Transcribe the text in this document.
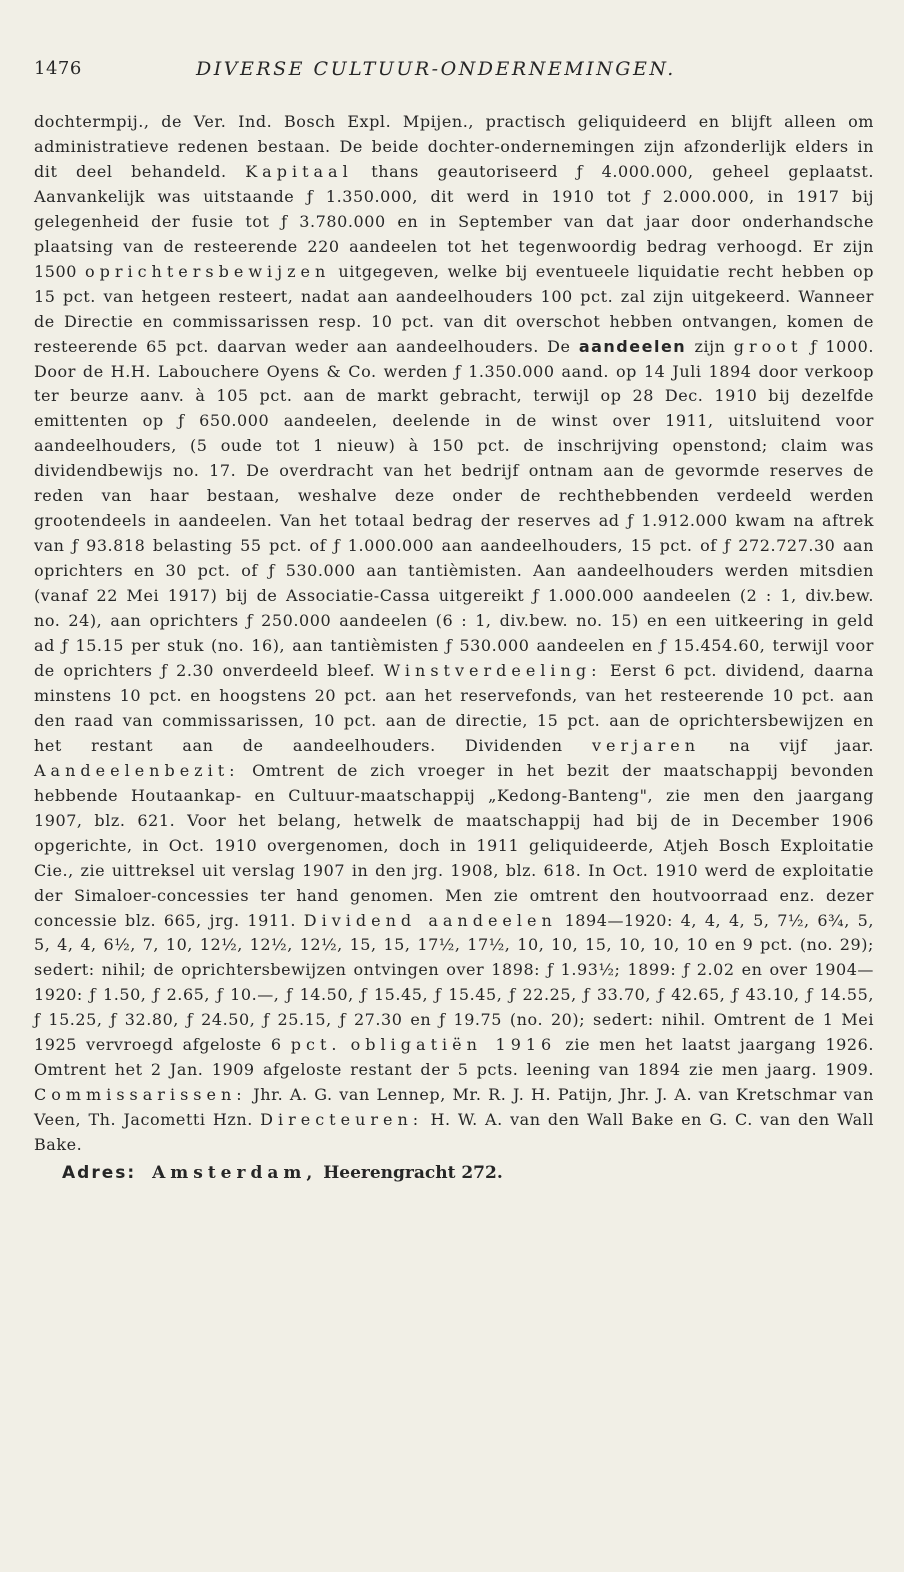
1476	DIVERSE CULTUUR-ONDERNEMINGEN.

dochtermpij., de Ver. Ind. Bosch Expl. Mpijen., practisch geliquideerd en blijft alleen om administratieve redenen bestaan. De beide dochter-ondernemingen zijn afzonderlijk elders in dit deel behandeld. Kapitaal thans geautoriseerd ƒ 4.000.000, geheel geplaatst. Aanvankelijk was uitstaande ƒ 1.350.000, dit werd in 1910 tot ƒ 2.000.000, in 1917 bij gelegenheid der fusie tot ƒ 3.780.000 en in September van dat jaar door onderhandsche plaatsing van de resteerende 220 aandeelen tot het tegenwoordig bedrag verhoogd. Er zijn 1500 oprichtersbewijzen uitgegeven, welke bij eventueele liquidatie recht hebben op 15 pct. van hetgeen resteert, nadat aan aandeelhouders 100 pct. zal zijn uitgekeerd. Wanneer de Directie en commissarissen resp. 10 pct. van dit overschot hebben ontvangen, komen de resteerende 65 pct. daarvan weder aan aandeelhouders. De aandeelen zijn groot ƒ 1000. Door de H.H. Labouchere Oyens & Co. werden ƒ 1.350.000 aand. op 14 Juli 1894 door verkoop ter beurze aanv. à 105 pct. aan de markt gebracht, terwijl op 28 Dec. 1910 bij dezelfde emittenten op ƒ 650.000 aandeelen, deelende in de winst over 1911, uitsluitend voor aandeelhouders, (5 oude tot 1 nieuw) à 150 pct. de inschrijving openstond; claim was dividendbewijs no. 17. De overdracht van het bedrijf ontnam aan de gevormde reserves de reden van haar bestaan, weshalve deze onder de rechthebbenden verdeeld werden grootendeels in aandeelen. Van het totaal bedrag der reserves ad ƒ 1.912.000 kwam na aftrek van ƒ 93.818 belasting 55 pct. of ƒ 1.000.000 aan aandeelhouders, 15 pct. of ƒ 272.727.30 aan oprichters en 30 pct. of ƒ 530.000 aan tantièmisten. Aan aandeelhouders werden mitsdien (vanaf 22 Mei 1917) bij de Associatie-Cassa uitgereikt ƒ 1.000.000 aandeelen (2 : 1, div.bew. no. 24), aan oprichters ƒ 250.000 aandeelen (6 : 1, div.bew. no. 15) en een uitkeering in geld ad ƒ 15.15 per stuk (no. 16), aan tantièmisten ƒ 530.000 aandeelen en ƒ 15.454.60, terwijl voor de oprichters ƒ 2.30 onverdeeld bleef. Winstverdeeling: Eerst 6 pct. dividend, daarna minstens 10 pct. en hoogstens 20 pct. aan het reservefonds, van het resteerende 10 pct. aan den raad van commissarissen, 10 pct. aan de directie, 15 pct. aan de oprichtersbewijzen en het restant aan de aandeelhouders. Dividenden verjaren na vijf jaar. Aandeelenbezit: Omtrent de zich vroeger in het bezit der maatschappij bevonden hebbende Houtaankap- en Cultuur-maatschappij „Kedong-Banteng", zie men den jaargang 1907, blz. 621. Voor het belang, hetwelk de maatschappij had bij de in December 1906 opgerichte, in Oct. 1910 overgenomen, doch in 1911 geliquideerde, Atjeh Bosch Exploitatie Cie., zie uittreksel uit verslag 1907 in den jrg. 1908, blz. 618. In Oct. 1910 werd de exploitatie der Simaloer-concessies ter hand genomen. Men zie omtrent den houtvoorraad enz. dezer concessie blz. 665, jrg. 1911. Dividend aandeelen 1894—1920: 4, 4, 4, 5, 7½, 6¾, 5, 5, 4, 4, 6½, 7, 10, 12½, 12½, 12½, 15, 15, 17½, 17½, 10, 10, 15, 10, 10, 10 en 9 pct. (no. 29); sedert: nihil; de oprichtersbewijzen ontvingen over 1898: ƒ 1.93½; 1899: ƒ 2.02 en over 1904—1920: ƒ 1.50, ƒ 2.65, ƒ 10.—, ƒ 14.50, ƒ 15.45, ƒ 15.45, ƒ 22.25, ƒ 33.70, ƒ 42.65, ƒ 43.10, ƒ 14.55, ƒ 15.25, ƒ 32.80, ƒ 24.50, ƒ 25.15, ƒ 27.30 en ƒ 19.75 (no. 20); sedert: nihil. Omtrent de 1 Mei 1925 vervroegd afgeloste 6 pct. obligatiën 1916 zie men het laatst jaargang 1926. Omtrent het 2 Jan. 1909 afgeloste restant der 5 pcts. leening van 1894 zie men jaarg. 1909. Commissarissen: Jhr. A. G. van Lennep, Mr. R. J. H. Patijn, Jhr. J. A. van Kretschmar van Veen, Th. Jacometti Hzn. Directeuren: H. W. A. van den Wall Bake en G. C. van den Wall Bake.

Adres: Amsterdam, Heerengracht 272.
